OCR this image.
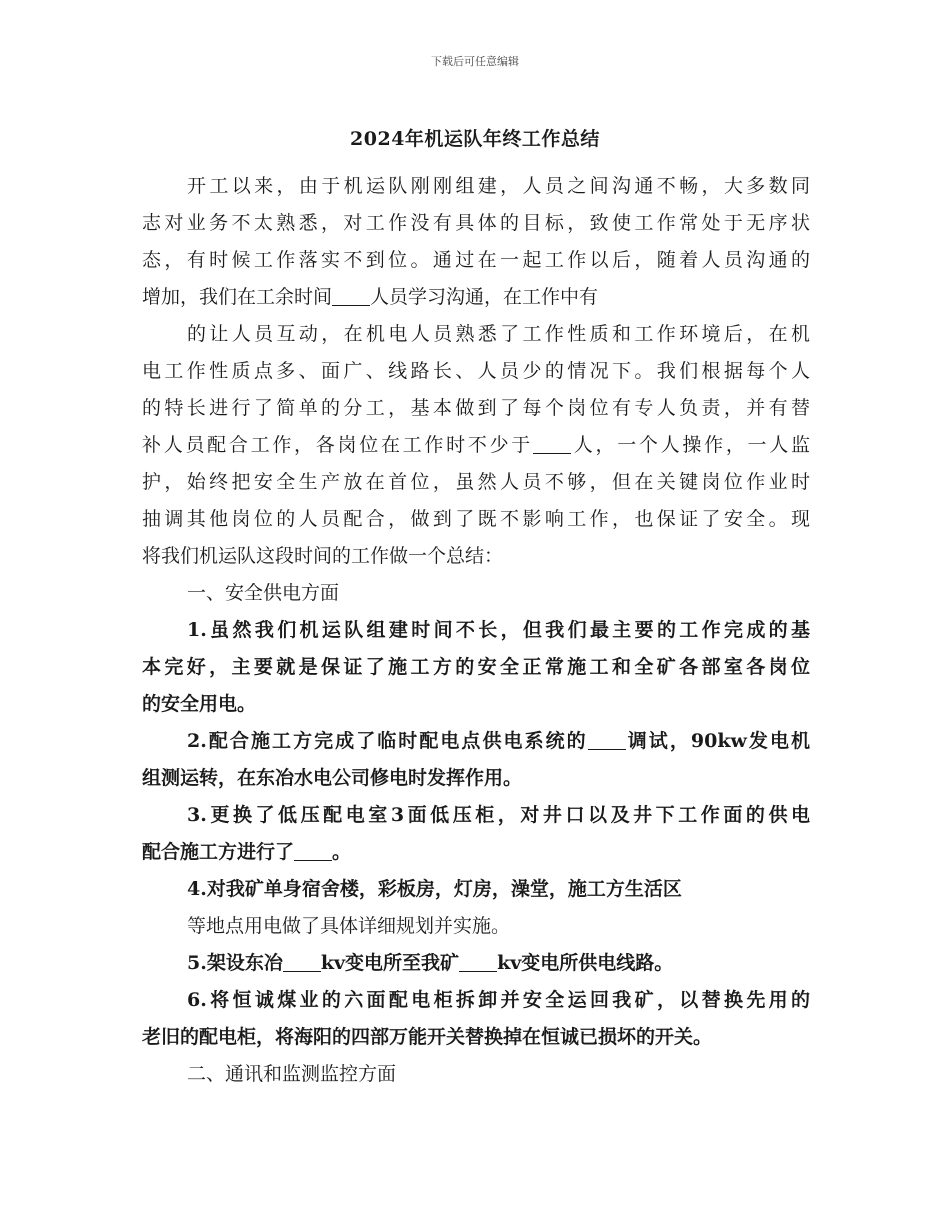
下载后可任意编辑
2024年机运队年终工作总结
开工以来，由于机运队刚刚组建，人员之间沟通不畅，大多数同
志对业务不太熟悉，对工作没有具体的目标，致使工作常处于无序状
态，有时候工作落实不到位。通过在一起工作以后，随着人员沟通的
增加，我们在工余时间 人员学习沟通，在工作中有
的让人员互动，在机电人员熟悉了工作性质和工作环境后，在机
电工作性质点多、面广、线路长、人员少的情况下。我们根据每个人
的特长进行了简单的分工，基本做到了每个岗位有专人负责，并有替
补人员配合工作，各岗位在工作时不少于 人，一个人操作，一人监
护，始终把安全生产放在首位，虽然人员不够，但在关键岗位作业时
抽调其他岗位的人员配合，做到了既不影响工作，也保证了安全。现
将我们机运队这段时间的工作做一个总结：
一、安全供电方面
1.虽然我们机运队组建时间不长，但我们最主要的工作完成的基
本完好，主要就是保证了施工方的安全正常施工和全矿各部室各岗位
的安全用电。
2.配合施工方完成了临时配电点供电系统的 调试，90kw发电机
组测运转，在东冶水电公司修电时发挥作用。
3.更换了低压配电室3面低压柜，对井口以及井下工作面的供电
配合施工方进行了 。
4.对我矿单身宿舍楼，彩板房，灯房，澡堂，施工方生活区
等地点用电做了具体详细规划并实施。
5.架设东冶 kv变电所至我矿 kv变电所供电线路。
6.将恒诚煤业的六面配电柜拆卸并安全运回我矿，以替换先用的
老旧的配电柜，将海阳的四部万能开关替换掉在恒诚已损坏的开关。
二、通讯和监测监控方面
